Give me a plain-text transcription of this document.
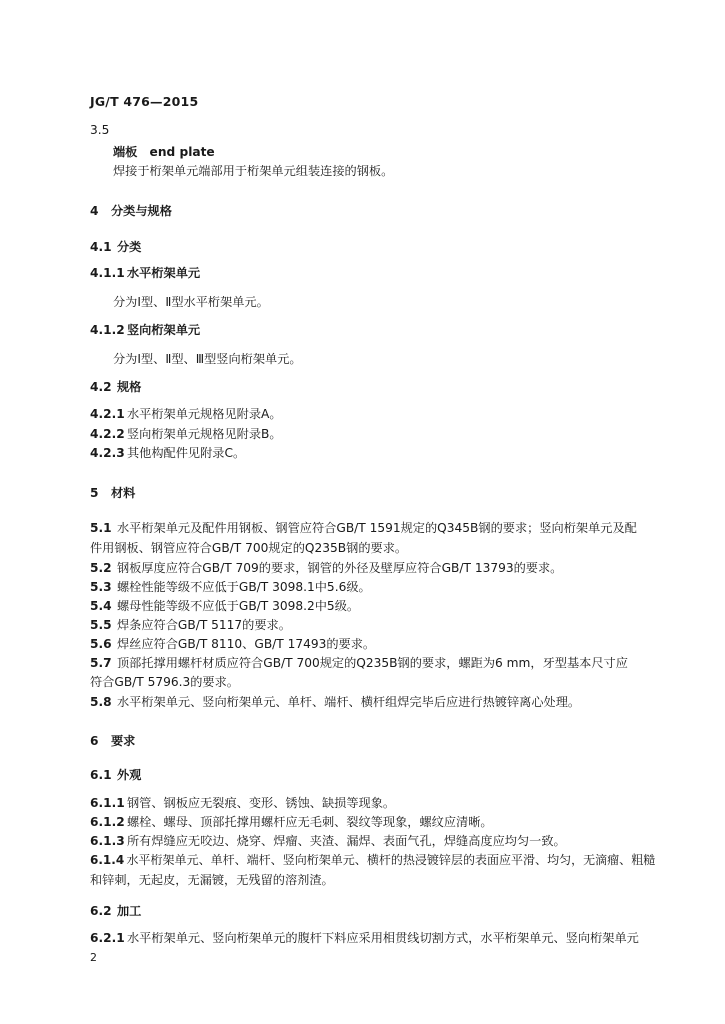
JG/T 476—2015
3.5
端板　end plate
焊接于桁架单元端部用于桁架单元组装连接的钢板。
4 分类与规格
4.1 分类
4.1.1 水平桁架单元
分为Ⅰ型、Ⅱ型水平桁架单元。
4.1.2 竖向桁架单元
分为Ⅰ型、Ⅱ型、Ⅲ型竖向桁架单元。
4.2 规格
4.2.1 水平桁架单元规格见附录A。
4.2.2 竖向桁架单元规格见附录B。
4.2.3 其他构配件见附录C。
5 材料
5.1 水平桁架单元及配件用钢板、钢管应符合GB/T 1591规定的Q345B钢的要求；竖向桁架单元及配
件用钢板、钢管应符合GB/T 700规定的Q235B钢的要求。
5.2 钢板厚度应符合GB/T 709的要求，钢管的外径及壁厚应符合GB/T 13793的要求。
5.3 螺栓性能等级不应低于GB/T 3098.1中5.6级。
5.4 螺母性能等级不应低于GB/T 3098.2中5级。
5.5 焊条应符合GB/T 5117的要求。
5.6 焊丝应符合GB/T 8110、GB/T 17493的要求。
5.7 顶部托撑用螺杆材质应符合GB/T 700规定的Q235B钢的要求，螺距为6 mm，牙型基本尺寸应
符合GB/T 5796.3的要求。
5.8 水平桁架单元、竖向桁架单元、单杆、端杆、横杆组焊完毕后应进行热镀锌离心处理。
6 要求
6.1 外观
6.1.1 钢管、钢板应无裂痕、变形、锈蚀、缺损等现象。
6.1.2 螺栓、螺母、顶部托撑用螺杆应无毛刺、裂纹等现象，螺纹应清晰。
6.1.3 所有焊缝应无咬边、烧穿、焊瘤、夹渣、漏焊、表面气孔，焊缝高度应均匀一致。
6.1.4 水平桁架单元、单杆、端杆、竖向桁架单元、横杆的热浸镀锌层的表面应平滑、均匀，无滴瘤、粗糙
和锌刺，无起皮，无漏镀，无残留的溶剂渣。
6.2 加工
6.2.1 水平桁架单元、竖向桁架单元的腹杆下料应采用相贯线切割方式，水平桁架单元、竖向桁架单元
2
